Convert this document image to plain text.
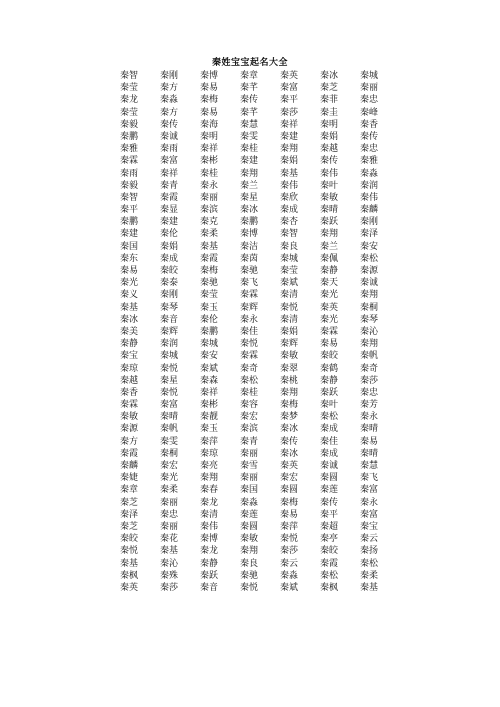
秦姓宝宝起名大全
秦智	秦刚	秦博	秦章	秦英	秦冰	秦城
秦莹	秦方	秦易	秦芊	秦富	秦芝	秦丽
秦龙	秦淼	秦梅	秦传	秦平	秦菲	秦忠
秦莹	秦方	秦易	秦芊	秦莎	秦圭	秦峰
秦毅	秦传	秦海	秦慧	秦祥	秦明	秦香
秦鹏	秦诚	秦明	秦雯	秦建	秦娟	秦传
秦雅	秦雨	秦祥	秦桂	秦翔	秦越	秦忠
秦霖	秦富	秦彬	秦建	秦娟	秦传	秦雅
秦雨	秦祥	秦桂	秦翔	秦基	秦伟	秦淼
秦毅	秦青	秦永	秦兰	秦伟	秦叶	秦润
秦智	秦霞	秦丽	秦星	秦欣	秦敏	秦伟
秦平	秦显	秦滨	秦冰	秦成	秦晴	秦麟
秦鹏	秦建	秦克	秦鹏	秦杏	秦跃	秦刚
秦建	秦伦	秦柔	秦博	秦智	秦翔	秦泽
秦国	秦娟	秦基	秦洁	秦良	秦兰	秦安
秦东	秦成	秦霞	秦茵	秦城	秦佩	秦松
秦易	秦皎	秦梅	秦驰	秦莹	秦静	秦源
秦光	秦泰	秦驰	秦飞	秦斌	秦天	秦诚
秦义	秦刚	秦莹	秦霖	秦清	秦光	秦翔
秦基	秦琴	秦玉	秦辉	秦悦	秦英	秦桐
秦冰	秦音	秦伦	秦永	秦清	秦光	秦琴
秦美	秦辉	秦鹏	秦佳	秦娟	秦霖	秦沁
秦静	秦润	秦城	秦悦	秦辉	秦易	秦翔
秦宝	秦城	秦安	秦霖	秦敏	秦皎	秦帆
秦琼	秦悦	秦斌	秦奇	秦翠	秦鹤	秦奇
秦越	秦星	秦森	秦松	秦桃	秦静	秦莎
秦香	秦悦	秦祥	秦桂	秦翔	秦跃	秦忠
秦霖	秦富	秦彬	秦容	秦梅	秦叶	秦芳
秦敏	秦晴	秦靓	秦宏	秦梦	秦松	秦永
秦源	秦帆	秦玉	秦滨	秦冰	秦成	秦晴
秦方	秦雯	秦萍	秦青	秦传	秦佳	秦易
秦霞	秦桐	秦琼	秦丽	秦冰	秦成	秦晴
秦麟	秦宏	秦亮	秦雪	秦英	秦诚	秦慧
秦婕	秦光	秦翔	秦丽	秦宏	秦圆	秦飞
秦章	秦柔	秦春	秦国	秦圆	秦莲	秦富
秦芝	秦丽	秦龙	秦淼	秦梅	秦传	秦永
秦泽	秦忠	秦清	秦莲	秦易	秦平	秦富
秦芝	秦丽	秦伟	秦圆	秦萍	秦超	秦宝
秦皎	秦花	秦博	秦敏	秦悦	秦亭	秦云
秦悦	秦基	秦龙	秦翔	秦莎	秦皎	秦扬
秦基	秦沁	秦静	秦良	秦云	秦霞	秦松
秦枫	秦殊	秦跃	秦驰	秦淼	秦松	秦柔
秦英	秦莎	秦音	秦悦	秦斌	秦枫	秦基
